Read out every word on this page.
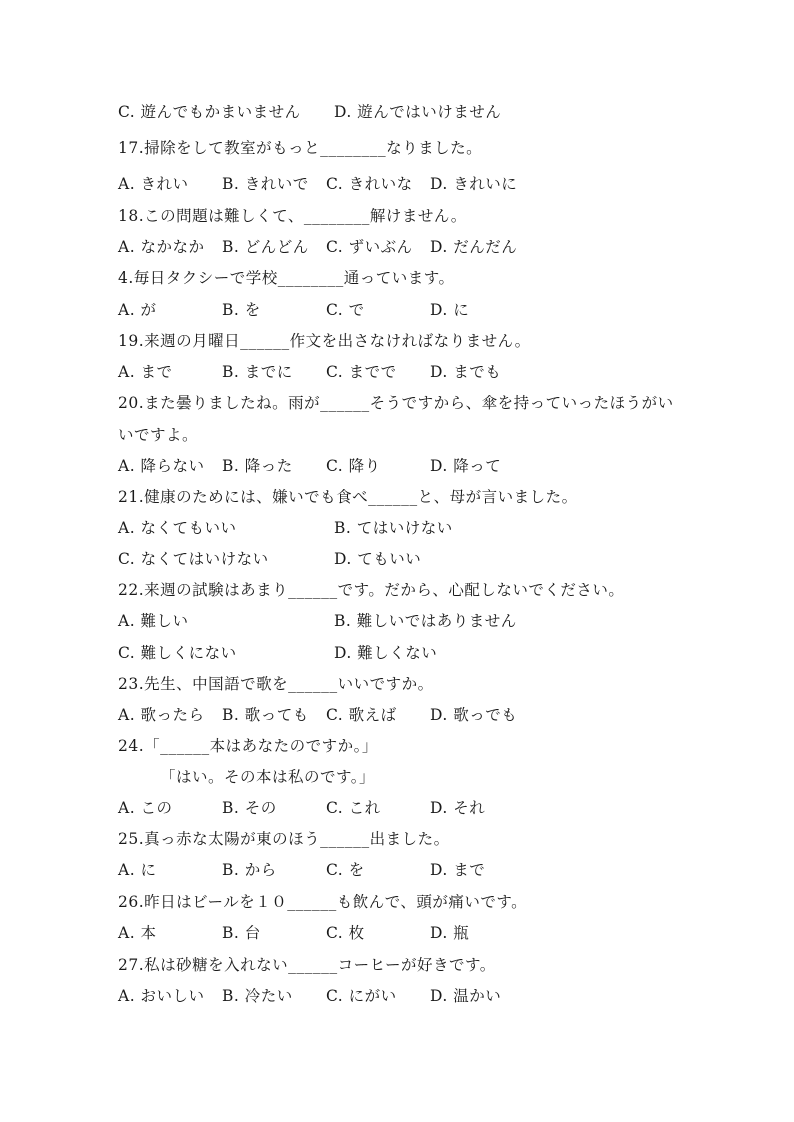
C. 遊んでもかまいません D. 遊んではいけません
17.掃除をして教室がもっと________なりました。
A. きれい B. きれいで C. きれいな D. きれいに
18.この問題は難しくて、________解けません。
A. なかなか B. どんどん C. ずいぶん D. だんだん
4.毎日タクシーで学校________通っています。
A. が	B. を	C. で	D. に
19.来週の月曜日______作文を出さなければなりません。
A. まで	B. までに C. までで D. までも
20.また曇りましたね。雨が______そうですから、傘を持っていったほうがい
いですよ。
A. 降らない B. 降った C. 降り	D. 降って
21.健康のためには、嫌いでも食べ______と、母が言いました。
A. なくてもいい	B. てはいけない
C. なくてはいけない	D. てもいい
22.来週の試験はあまり______です。だから、心配しないでください。
A. 難しい	B. 難しいではありません
C. 難しくにない	D. 難しくない
23.先生、中国語で歌を______いいですか。
A. 歌ったら B. 歌っても C. 歌えば D. 歌っでも
24.「______本はあなたのですか。」
「はい。その本は私のです。」
A. この	B. その	C. これ	D. それ
25.真っ赤な太陽が東のほう______出ました。
A. に	B. から	C. を	D. まで
26.昨日はビールを１０______も飲んで、頭が痛いです。
A. 本	B. 台	C. 枚	D. 瓶
27.私は砂糖を入れない______コーヒーが好きです。
A. おいしい B. 冷たい C. にがい D. 温かい
